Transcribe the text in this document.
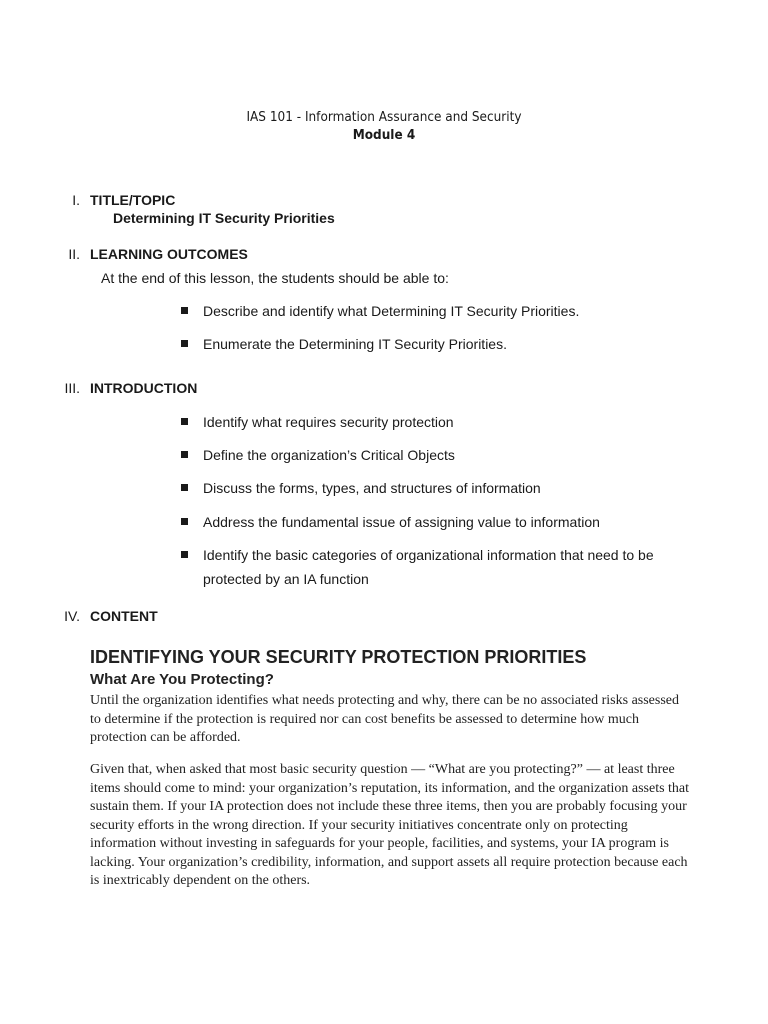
IAS 101 - Information Assurance and Security
Module 4
I. TITLE/TOPIC
Determining IT Security Priorities
II. LEARNING OUTCOMES
At the end of this lesson, the students should be able to:
Describe and identify what Determining IT Security Priorities.
Enumerate the Determining IT Security Priorities.
III. INTRODUCTION
Identify what requires security protection
Define the organization’s Critical Objects
Discuss the forms, types, and structures of information
Address the fundamental issue of assigning value to information
Identify the basic categories of organizational information that need to be protected by an IA function
IV. CONTENT
IDENTIFYING YOUR SECURITY PROTECTION PRIORITIES
What Are You Protecting?

Until the organization identifies what needs protecting and why, there can be no associated risks assessed to determine if the protection is required nor can cost benefits be assessed to determine how much protection can be afforded.

Given that, when asked that most basic security question — “What are you protecting?” — at least three items should come to mind: your organization’s reputation, its information, and the organization assets that sustain them. If your IA protection does not include these three items, then you are probably focusing your security efforts in the wrong direction. If your security initiatives concentrate only on protecting information without investing in safeguards for your people, facilities, and systems, your IA program is lacking. Your organization’s credibility, information, and support assets all require protection because each is inextricably dependent on the others.
